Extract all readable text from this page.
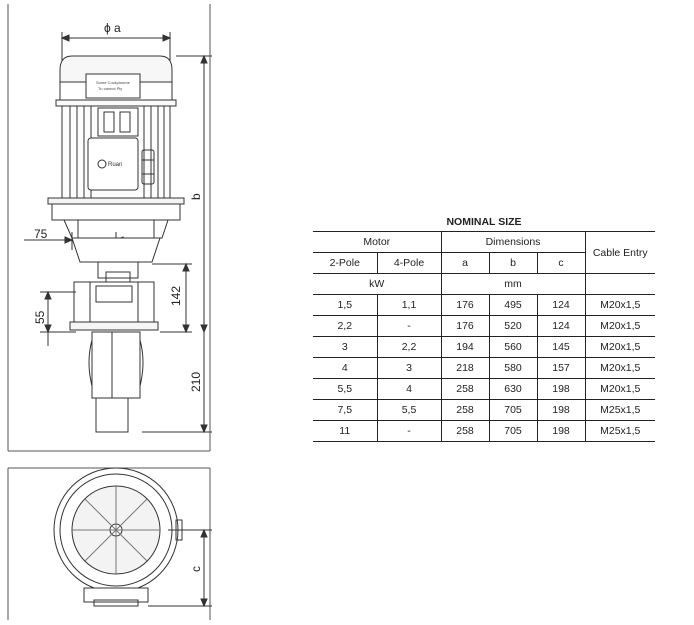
ϕ a
Some Cockpionme
Tu cannot Ply
Ruan
75
142
55
b
210
c
NOMINAL SIZE
Motor		Dimensions			Cable Entry
2-Pole	4-Pole	a	b	c	
kW		mm			
1,5	1,1	176	495	124	M20x1,5
2,2	-	176	520	124	M20x1,5
3	2,2	194	560	145	M20x1,5
4	3	218	580	157	M20x1,5
5,5	4	258	630	198	M20x1,5
7,5	5,5	258	705	198	M25x1,5
11	-	258	705	198	M25x1,5
